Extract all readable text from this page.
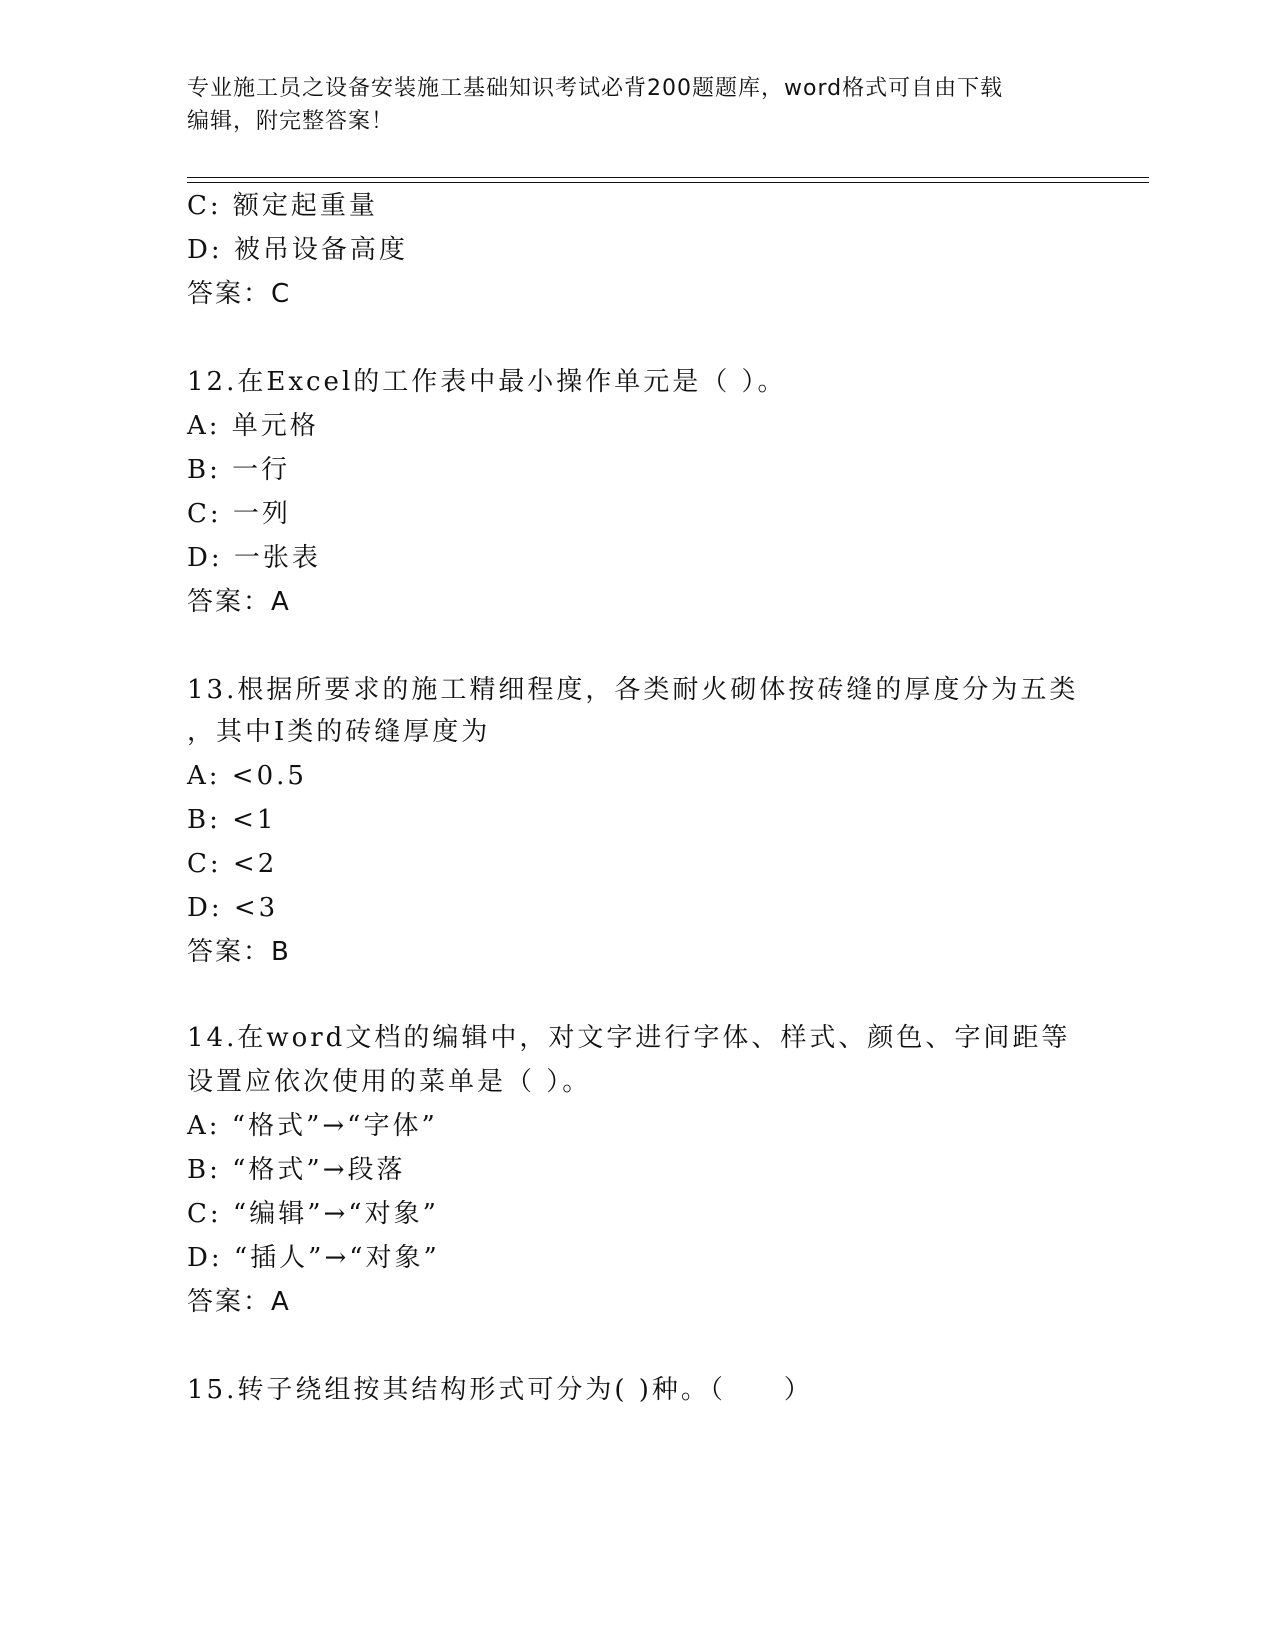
专业施工员之设备安装施工基础知识考试必背200题题库，word格式可自由下载
编辑，附完整答案！
C: 额定起重量
D: 被吊设备高度
答案：C
12.在Excel的工作表中最小操作单元是（ ）。
A: 单元格
B: 一行
C: 一列
D: 一张表
答案：A
13.根据所要求的施工精细程度，各类耐火砌体按砖缝的厚度分为五类
，其中Ⅰ类的砖缝厚度为
A: <0.5
B: <1
C: <2
D: <3
答案：B
14.在word文档的编辑中，对文字进行字体、样式、颜色、字间距等
设置应依次使用的菜单是（ ）。
A: “格式”→“字体”
B: “格式”→段落
C: “编辑”→“对象”
D: “插人”→“对象”
答案：A
15.转子绕组按其结构形式可分为( )种。（　　）
